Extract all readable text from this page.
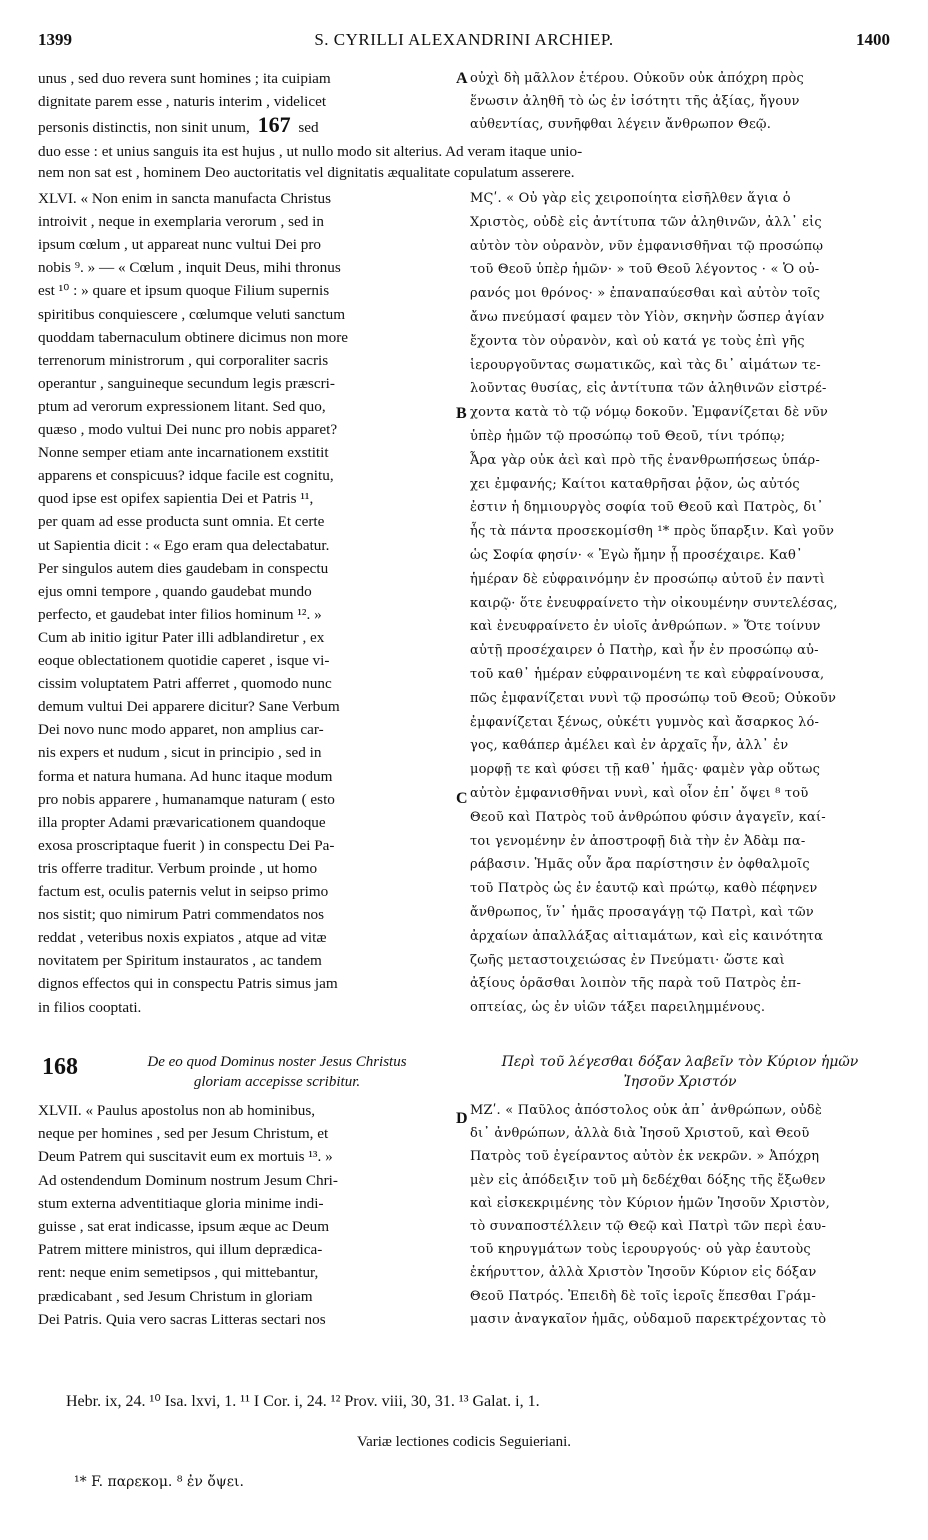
1399	S. CYRILLI ALEXANDRINI ARCHIEP.	1400
unus , sed duo revera sunt homines ; ita cuipiam
dignitate parem esse , naturis interim , videlicet
personis distinctis, non sinit unum, 167 sed
οὐχὶ δὴ μᾶλλον ἑτέρου. Οὐκοῦν οὐκ ἀπόχρη πρὸς
ἕνωσιν ἀληθῆ τὸ ὡς ἐν ἰσότητι τῆς ἀξίας, ἤγουν
αὐθεντίας, συνῆφθαι λέγειν ἄνθρωπον Θεῷ.
A
duo esse : et unius sanguis ita est hujus , ut nullo modo sit alterius. Ad veram itaque unio-
nem non sat est , hominem Deo auctoritatis vel dignitatis æqualitate copulatum asserere.
XLVI. « Non enim in sancta manufacta Christus
introivit , neque in exemplaria verorum , sed in
ipsum cœlum , ut appareat nunc vultui Dei pro
nobis ⁹. » — « Cœlum , inquit Deus, mihi thronus
est ¹⁰ : » quare et ipsum quoque Filium supernis
spiritibus conquiescere , cœlumque veluti sanctum
quoddam tabernaculum obtinere dicimus non more
terrenorum ministrorum , qui corporaliter sacris
operantur , sanguineque secundum legis præscri-
ptum ad verorum expressionem litant. Sed quo,
quæso , modo vultui Dei nunc pro nobis apparet?
Nonne semper etiam ante incarnationem exstitit
apparens et conspicuus? idque facile est cognitu,
quod ipse est opifex sapientia Dei et Patris ¹¹,
per quam ad esse producta sunt omnia. Et certe
ut Sapientia dicit : « Ego eram qua delectabatur.
Per singulos autem dies gaudebam in conspectu
ejus omni tempore , quando gaudebat mundo
perfecto, et gaudebat inter filios hominum ¹². »
Cum ab initio igitur Pater illi adblandiretur , ex
eoque oblectationem quotidie caperet , isque vi-
cissim voluptatem Patri afferret , quomodo nunc
demum vultui Dei apparere dicitur? Sane Verbum
Dei novo nunc modo apparet, non amplius car-
nis expers et nudum , sicut in principio , sed in
forma et natura humana. Ad hunc itaque modum
pro nobis apparere , humanamque naturam ( esto
illa propter Adami prævaricationem quandoque
exosa proscriptaque fuerit ) in conspectu Dei Pa-
tris offerre traditur. Verbum proinde , ut homo
factum est, oculis paternis velut in seipso primo
nos sistit; quo nimirum Patri commendatos nos
reddat , veteribus noxis expiatos , atque ad vitæ
novitatem per Spiritum instauratos , ac tandem
dignos effectos qui in conspectu Patris simus jam
in filios cooptati.
ΜϚʹ. « Οὐ γὰρ εἰς χειροποίητα εἰσῆλθεν ἅγια ὁ
Χριστὸς, οὐδὲ εἰς ἀντίτυπα τῶν ἀληθινῶν, ἀλλ᾽ εἰς
αὐτὸν τὸν οὐρανὸν, νῦν ἐμφανισθῆναι τῷ προσώπῳ
τοῦ Θεοῦ ὑπὲρ ἡμῶν· » τοῦ Θεοῦ λέγοντος · « Ὁ οὐ-
ρανός μοι θρόνος· » ἐπαναπαύεσθαι καὶ αὐτὸν τοῖς
ἄνω πνεύμασί φαμεν τὸν Υἱὸν, σκηνὴν ὥσπερ ἁγίαν
ἔχοντα τὸν οὐρανὸν, καὶ οὐ κατά γε τοὺς ἐπὶ γῆς
ἱερουργοῦντας σωματικῶς, καὶ τὰς δι᾽ αἱμάτων τε-
λοῦντας θυσίας, εἰς ἀντίτυπα τῶν ἀληθινῶν εἰστρέ-
χοντα κατὰ τὸ τῷ νόμῳ δοκοῦν. Ἐμφανίζεται δὲ νῦν
ὑπὲρ ἡμῶν τῷ προσώπῳ τοῦ Θεοῦ, τίνι τρόπῳ;
Ἆρα γὰρ οὐκ ἀεὶ καὶ πρὸ τῆς ἐνανθρωπήσεως ὑπάρ-
χει ἐμφανής; Καίτοι καταθρῆσαι ῥᾷον, ὡς αὐτός
ἐστιν ἡ δημιουργὸς σοφία τοῦ Θεοῦ καὶ Πατρὸς, δι᾽
ἧς τὰ πάντα προσεκομίσθη ¹* πρὸς ὕπαρξιν. Καὶ γοῦν
ὡς Σοφία φησίν· « Ἐγὼ ἤμην ᾗ προσέχαιρε. Καθ᾽
ἡμέραν δὲ εὐφραινόμην ἐν προσώπῳ αὐτοῦ ἐν παντὶ
καιρῷ· ὅτε ἐνευφραίνετο τὴν οἰκουμένην συντελέσας,
καὶ ἐνευφραίνετο ἐν υἱοῖς ἀνθρώπων. » Ὅτε τοίνυν
αὐτῇ προσέχαιρεν ὁ Πατὴρ, καὶ ἦν ἐν προσώπῳ αὐ-
τοῦ καθ᾽ ἡμέραν εὐφραινομένη τε καὶ εὐφραίνουσα,
πῶς ἐμφανίζεται νυνὶ τῷ προσώπῳ τοῦ Θεοῦ; Οὐκοῦν
ἐμφανίζεται ξένως, οὐκέτι γυμνὸς καὶ ἄσαρκος λό-
γος, καθάπερ ἀμέλει καὶ ἐν ἀρχαῖς ἦν, ἀλλ᾽ ἐν
μορφῇ τε καὶ φύσει τῇ καθ᾽ ἡμᾶς· φαμὲν γὰρ οὕτως
αὐτὸν ἐμφανισθῆναι νυνὶ, καὶ οἷον ἐπ᾽ ὄψει ⁸ τοῦ
Θεοῦ καὶ Πατρὸς τοῦ ἀνθρώπου φύσιν ἀγαγεῖν, καί-
τοι γενομένην ἐν ἀποστροφῇ διὰ τὴν ἐν Ἀδὰμ πα-
ράβασιν. Ἡμᾶς οὖν ἄρα παρίστησιν ἐν ὀφθαλμοῖς
τοῦ Πατρὸς ὡς ἐν ἑαυτῷ καὶ πρώτῳ, καθὸ πέφηνεν
ἄνθρωπος, ἵν᾽ ἡμᾶς προσαγάγῃ τῷ Πατρὶ, καὶ τῶν
ἀρχαίων ἀπαλλάξας αἰτιαμάτων, καὶ εἰς καινότητα
ζωῆς μεταστοιχειώσας ἐν Πνεύματι· ὥστε καὶ
ἀξίους ὁρᾶσθαι λοιπὸν τῆς παρὰ τοῦ Πατρὸς ἐπ-
οπτείας, ὡς ἐν υἱῶν τάξει παρειλημμένους.
B
C
168	De eo quod Dominus noster Jesus Christus
gloriam accepisse scribitur.
Περὶ τοῦ λέγεσθαι δόξαν λαβεῖν τὸν Κύριον ἡμῶν
Ἰησοῦν Χριστόν
XLVII. « Paulus apostolus non ab hominibus,
neque per homines , sed per Jesum Christum, et
Deum Patrem qui suscitavit eum ex mortuis ¹³. »
Ad ostendendum Dominum nostrum Jesum Chri-
stum externa adventitiaque gloria minime indi-
guisse , sat erat indicasse, ipsum æque ac Deum
Patrem mittere ministros, qui illum deprædica-
rent: neque enim semetipsos , qui mittebantur,
prædicabant , sed Jesum Christum in gloriam
Dei Patris. Quia vero sacras Litteras sectari nos
ΜΖʹ. « Παῦλος ἀπόστολος οὐκ ἀπ᾽ ἀνθρώπων, οὐδὲ
δι᾽ ἀνθρώπων, ἀλλὰ διὰ Ἰησοῦ Χριστοῦ, καὶ Θεοῦ
Πατρὸς τοῦ ἐγείραντος αὐτὸν ἐκ νεκρῶν. » Ἀπόχρη
μὲν εἰς ἀπόδειξιν τοῦ μὴ δεδέχθαι δόξης τῆς ἔξωθεν
καὶ εἰσκεκριμένης τὸν Κύριον ἡμῶν Ἰησοῦν Χριστὸν,
τὸ συναποστέλλειν τῷ Θεῷ καὶ Πατρὶ τῶν περὶ ἑαυ-
τοῦ κηρυγμάτων τοὺς ἱερουργούς· οὐ γὰρ ἑαυτοὺς
ἐκήρυττον, ἀλλὰ Χριστὸν Ἰησοῦν Κύριον εἰς δόξαν
Θεοῦ Πατρός. Ἐπειδὴ δὲ τοῖς ἱεροῖς ἕπεσθαι Γράμ-
μασιν ἀναγκαῖον ἡμᾶς, οὐδαμοῦ παρεκτρέχοντας τὸ
D
Hebr. ix, 24. ¹⁰ Isa. lxvi, 1. ¹¹ I Cor. i, 24. ¹² Prov. viii, 30, 31. ¹³ Galat. i, 1.
Variæ lectiones codicis Seguieriani.
¹* F. παρεκομ. ⁸ ἐν ὄψει.
